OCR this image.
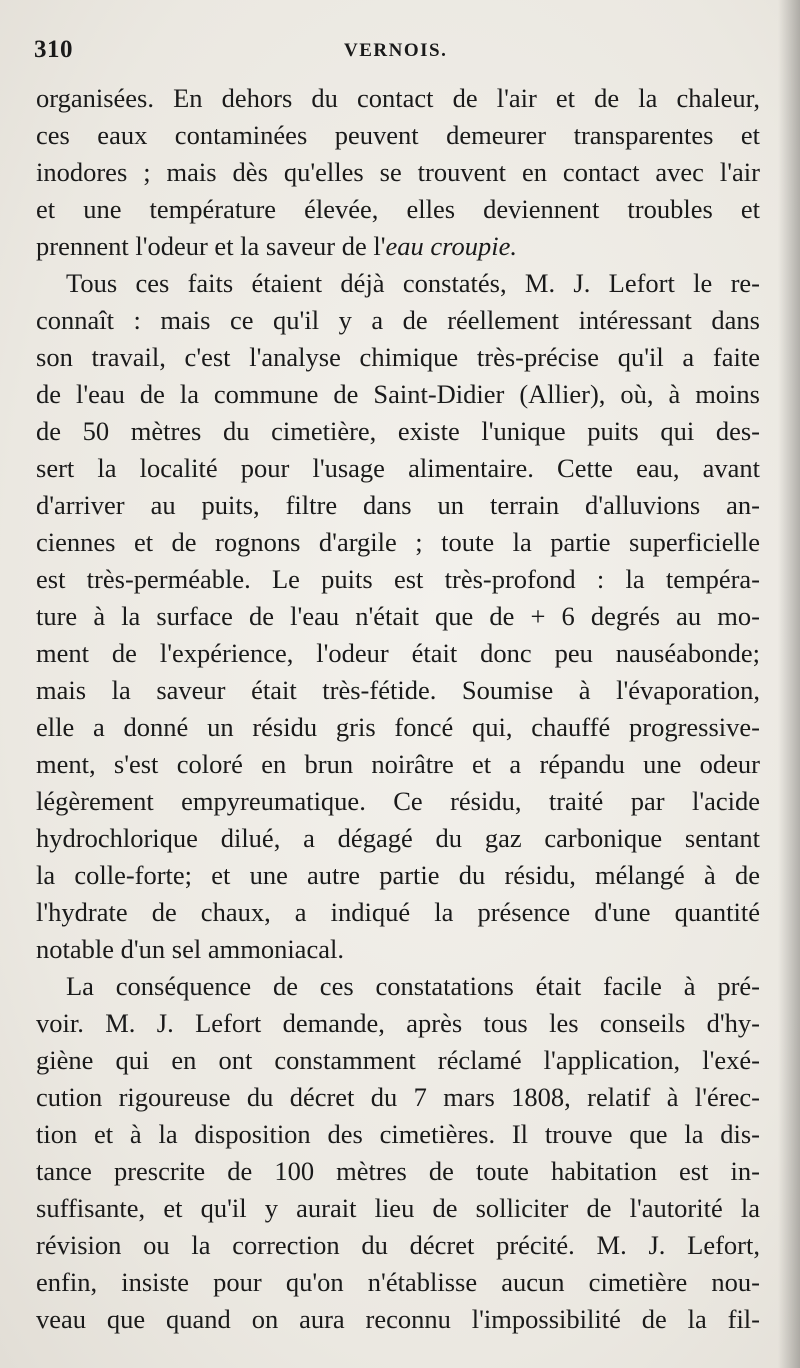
310	VERNOIS.
organisées. En dehors du contact de l'air et de la chaleur,
ces eaux contaminées peuvent demeurer transparentes et
inodores ; mais dès qu'elles se trouvent en contact avec l'air
et une température élevée, elles deviennent troubles et
prennent l'odeur et la saveur de l'eau croupie.
Tous ces faits étaient déjà constatés, M. J. Lefort le re-
connaît : mais ce qu'il y a de réellement intéressant dans
son travail, c'est l'analyse chimique très-précise qu'il a faite
de l'eau de la commune de Saint-Didier (Allier), où, à moins
de 50 mètres du cimetière, existe l'unique puits qui des-
sert la localité pour l'usage alimentaire. Cette eau, avant
d'arriver au puits, filtre dans un terrain d'alluvions an-
ciennes et de rognons d'argile ; toute la partie superficielle
est très-perméable. Le puits est très-profond : la tempéra-
ture à la surface de l'eau n'était que de + 6 degrés au mo-
ment de l'expérience, l'odeur était donc peu nauséabonde;
mais la saveur était très-fétide. Soumise à l'évaporation,
elle a donné un résidu gris foncé qui, chauffé progressive-
ment, s'est coloré en brun noirâtre et a répandu une odeur
légèrement empyreumatique. Ce résidu, traité par l'acide
hydrochlorique dilué, a dégagé du gaz carbonique sentant
la colle-forte; et une autre partie du résidu, mélangé à de
l'hydrate de chaux, a indiqué la présence d'une quantité
notable d'un sel ammoniacal.
La conséquence de ces constatations était facile à pré-
voir. M. J. Lefort demande, après tous les conseils d'hy-
giène qui en ont constamment réclamé l'application, l'exé-
cution rigoureuse du décret du 7 mars 1808, relatif à l'érec-
tion et à la disposition des cimetières. Il trouve que la dis-
tance prescrite de 100 mètres de toute habitation est in-
suffisante, et qu'il y aurait lieu de solliciter de l'autorité la
révision ou la correction du décret précité. M. J. Lefort,
enfin, insiste pour qu'on n'établisse aucun cimetière nou-
veau que quand on aura reconnu l'impossibilité de la fil-
